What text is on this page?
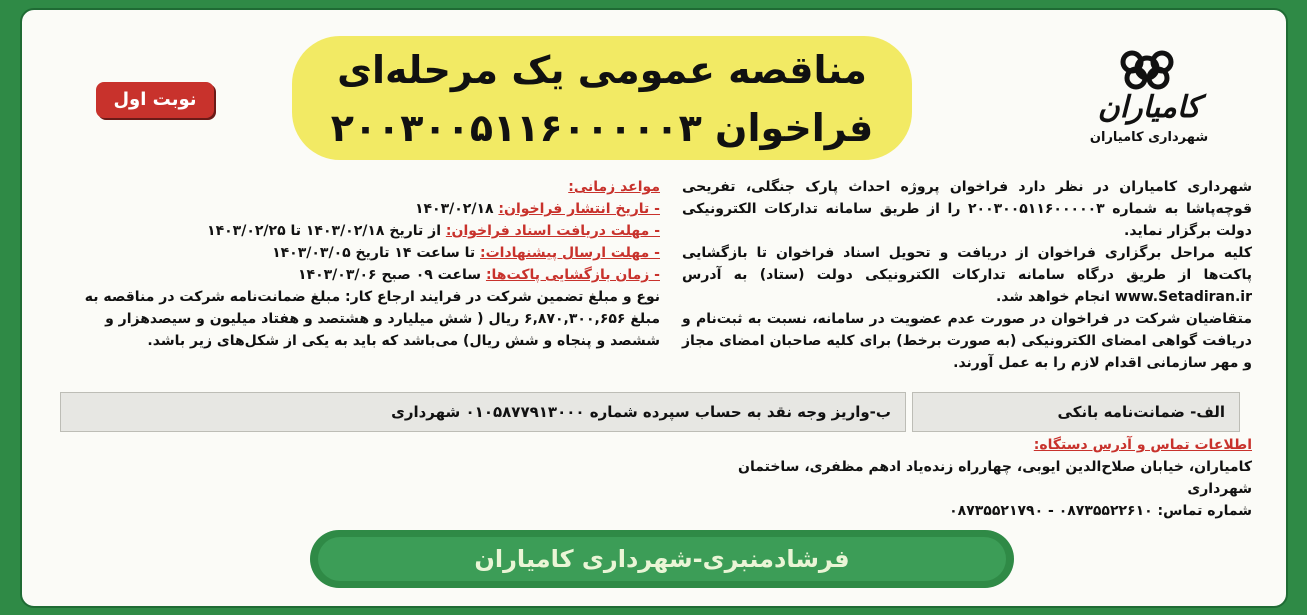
مناقصه عمومی یک مرحله‌ای
فراخوان ۲۰۰۳۰۰۵۱۱۶۰۰۰۰۰۳
نوبت اول	کامیاران
شهرداری کامیاران

شهرداری کامیاران در نظر دارد فراخوان پروژه احداث پارک جنگلی، تفریحی قوچه‌پاشا به شماره ۲۰۰۳۰۰۵۱۱۶۰۰۰۰۰۳ را از طریق سامانه تدارکات الکترونیکی دولت برگزار نماید.

کلیه مراحل برگزاری فراخوان از دریافت و تحویل اسناد فراخوان تا بازگشایی پاکت‌ها از طریق درگاه سامانه تدارکات الکترونیکی دولت (ستاد) به آدرس www.Setadiran.ir انجام خواهد شد.

متقاضیان شرکت در فراخوان در صورت عدم عضویت در سامانه، نسبت به ثبت‌نام و دریافت گواهی امضای الکترونیکی (به صورت برخط) برای کلیه صاحبان امضای مجاز و مهر سازمانی اقدام لازم را به عمل آورند.

مواعد زمانی:
- تاریخ انتشار فراخوان: ۱۴۰۳/۰۲/۱۸
- مهلت دریافت اسناد فراخوان: از تاریخ ۱۴۰۳/۰۲/۱۸ تا ۱۴۰۳/۰۲/۲۵
- مهلت ارسال پیشنهادات: تا ساعت ۱۴ تاریخ ۱۴۰۳/۰۳/۰۵
- زمان بازگشایی پاکت‌ها: ساعت ۰۹ صبح ۱۴۰۳/۰۳/۰۶
نوع و مبلغ تضمین شرکت در فرایند ارجاع کار: مبلغ ضمانت‌نامه شرکت در مناقصه به مبلغ ۶,۸۷۰,۳۰۰,۶۵۶ ریال ( شش میلیارد و هشتصد و هفتاد میلیون و سیصدهزار و ششصد و پنجاه و شش ریال) می‌باشد که باید به یکی از شکل‌های زیر باشد.
الف- ضمانت‌نامه بانکی
ب-واریز وجه نقد به حساب سپرده شماره ۰۱۰۵۸۷۷۹۱۳۰۰۰ شهرداری
اطلاعات تماس و آدرس دستگاه:
کامیاران، خیابان صلاح‌الدین ایوبی، چهارراه زنده‌یاد ادهم مظفری، ساختمان شهرداری
شماره تماس: ۰۸۷۳۵۵۲۲۶۱۰ - ۰۸۷۳۵۵۲۱۷۹۰
فرشادمنبری-شهرداری کامیاران
